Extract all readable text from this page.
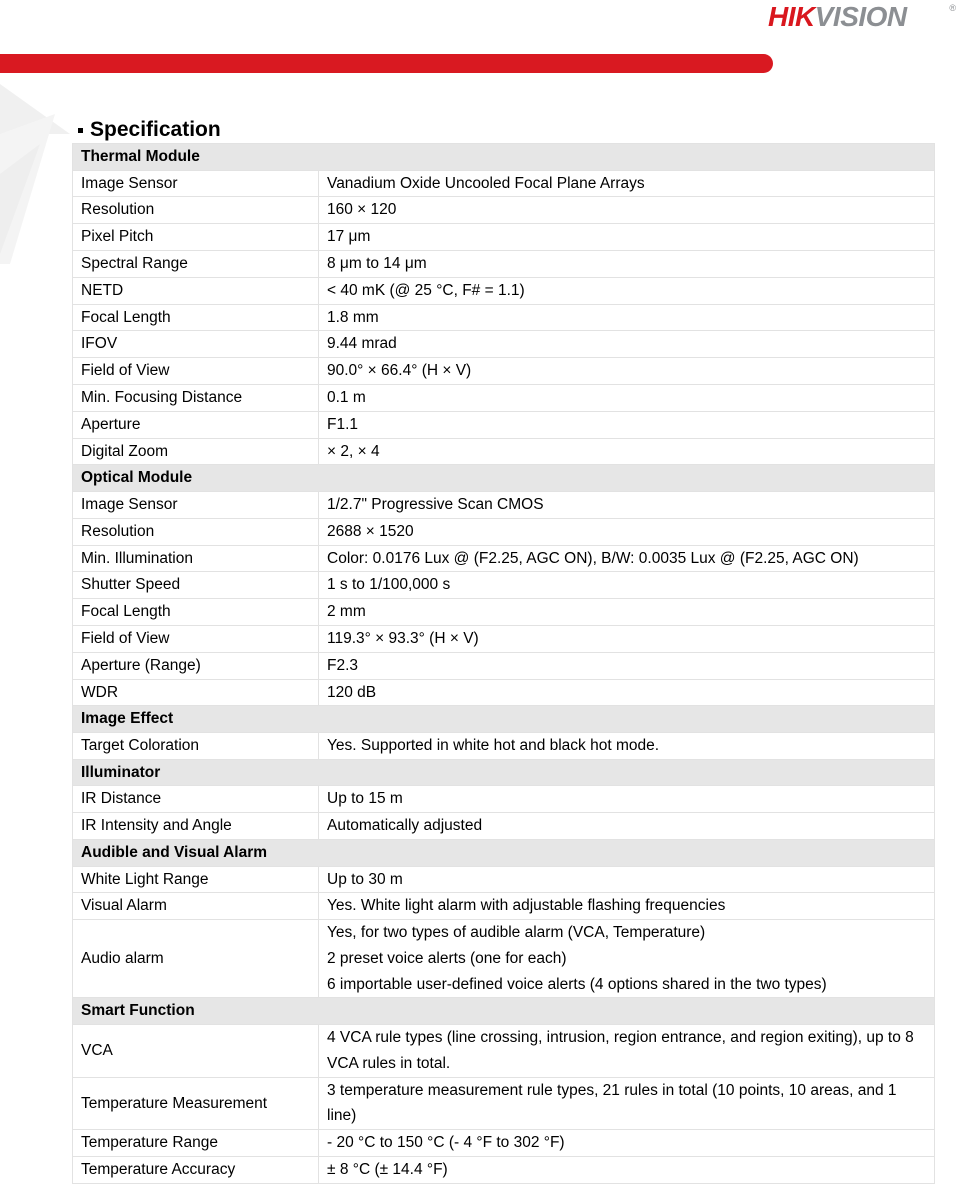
HIKVISION	®
Specification
Thermal Module	
Image Sensor	Vanadium Oxide Uncooled Focal Plane Arrays

Resolution	160 × 120

Pixel Pitch	17 μm

Spectral Range	8 μm to 14 μm

NETD	< 40 mK (@ 25 °C, F# = 1.1)

Focal Length	1.8 mm

IFOV	9.44 mrad

Field of View	90.0° × 66.4° (H × V)

Min. Focusing Distance	0.1 m

Aperture	F1.1

Digital Zoom	× 2, × 4

Optical Module	
Image Sensor	1/2.7" Progressive Scan CMOS

Resolution	2688 × 1520

Min. Illumination	Color: 0.0176 Lux @ (F2.25, AGC ON), B/W: 0.0035 Lux @ (F2.25, AGC ON)

Shutter Speed	1 s to 1/100,000 s

Focal Length	2 mm

Field of View	119.3° × 93.3° (H × V)

Aperture (Range)	F2.3

WDR	120 dB

Image Effect	
Target Coloration	Yes. Supported in white hot and black hot mode.

Illuminator	
IR Distance	Up to 15 m

IR Intensity and Angle	Automatically adjusted

Audible and Visual Alarm	
White Light Range	Up to 30 m

Visual Alarm	Yes. White light alarm with adjustable flashing frequencies

Audio alarm	Yes, for two types of audible alarm (VCA, Temperature)
2 preset voice alerts (one for each)
6 importable user-defined voice alerts (4 options shared in the two types)

Smart Function	
VCA	4 VCA rule types (line crossing, intrusion, region entrance, and region exiting), up to 8
VCA rules in total.

Temperature Measurement	3 temperature measurement rule types, 21 rules in total (10 points, 10 areas, and 1
line)

Temperature Range	- 20 °C to 150 °C (- 4 °F to 302 °F)

Temperature Accuracy	± 8 °C (± 14.4 °F)
